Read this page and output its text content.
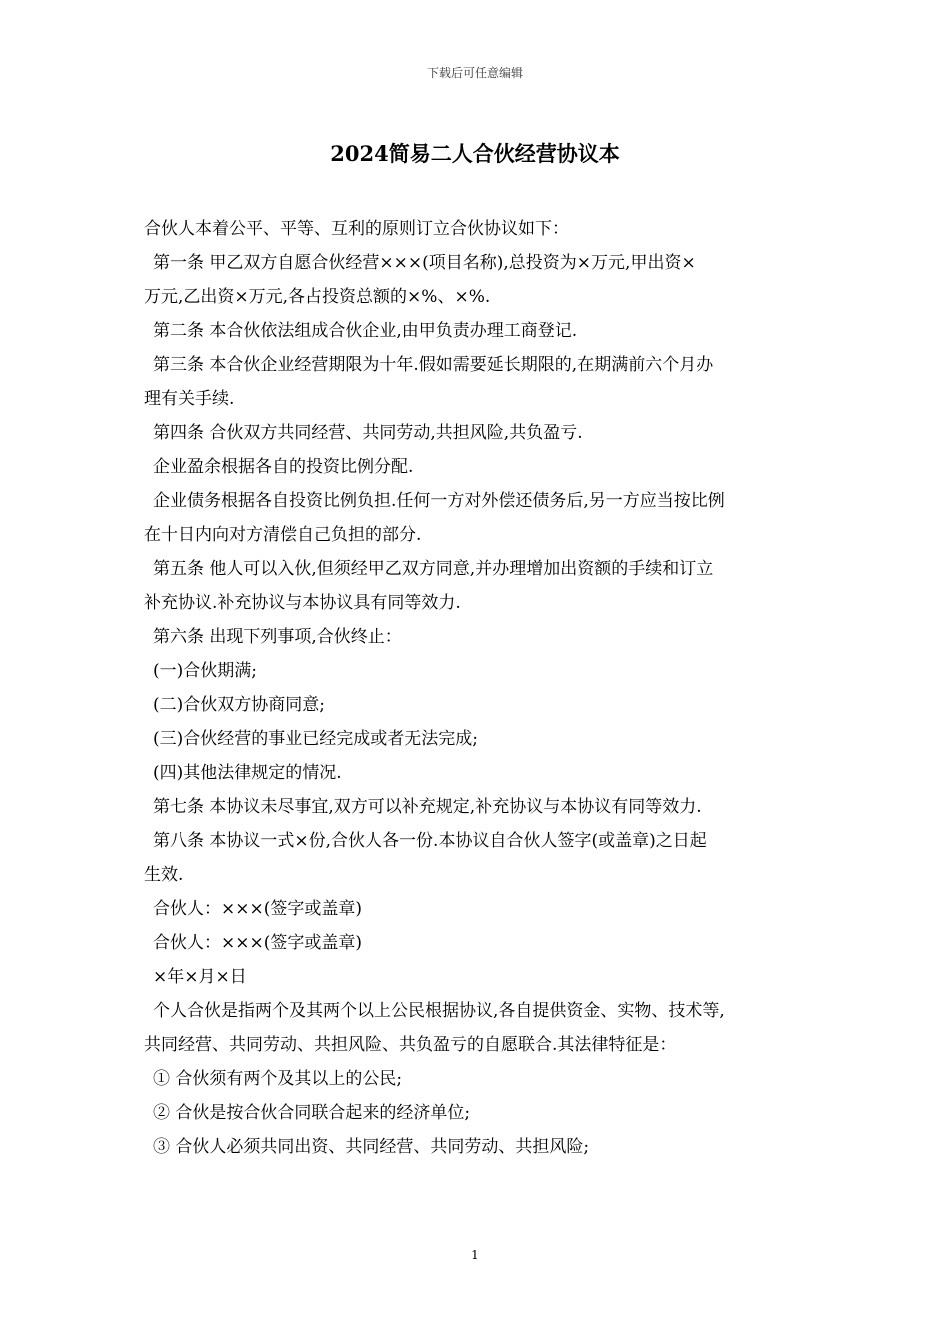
下载后可任意编辑
2024简易二人合伙经营协议本
合伙人本着公平、平等、互利的原则订立合伙协议如下：
第一条 甲乙双方自愿合伙经营×××(项目名称),总投资为×万元,甲出资×
万元,乙出资×万元,各占投资总额的×%、×%.
第二条 本合伙依法组成合伙企业,由甲负责办理工商登记.
第三条 本合伙企业经营期限为十年.假如需要延长期限的,在期满前六个月办
理有关手续.
第四条 合伙双方共同经营、共同劳动,共担风险,共负盈亏.
企业盈余根据各自的投资比例分配.
企业债务根据各自投资比例负担.任何一方对外偿还债务后,另一方应当按比例
在十日内向对方清偿自己负担的部分.
第五条 他人可以入伙,但须经甲乙双方同意,并办理增加出资额的手续和订立
补充协议.补充协议与本协议具有同等效力.
第六条 出现下列事项,合伙终止：
(一)合伙期满;
(二)合伙双方协商同意;
(三)合伙经营的事业已经完成或者无法完成;
(四)其他法律规定的情况.
第七条 本协议未尽事宜,双方可以补充规定,补充协议与本协议有同等效力.
第八条 本协议一式×份,合伙人各一份.本协议自合伙人签字(或盖章)之日起
生效.
合伙人：×××(签字或盖章)
合伙人：×××(签字或盖章)
×年×月×日
个人合伙是指两个及其两个以上公民根据协议,各自提供资金、实物、技术等,
共同经营、共同劳动、共担风险、共负盈亏的自愿联合.其法律特征是：
① 合伙须有两个及其以上的公民;
② 合伙是按合伙合同联合起来的经济单位;
③ 合伙人必须共同出资、共同经营、共同劳动、共担风险;
1
